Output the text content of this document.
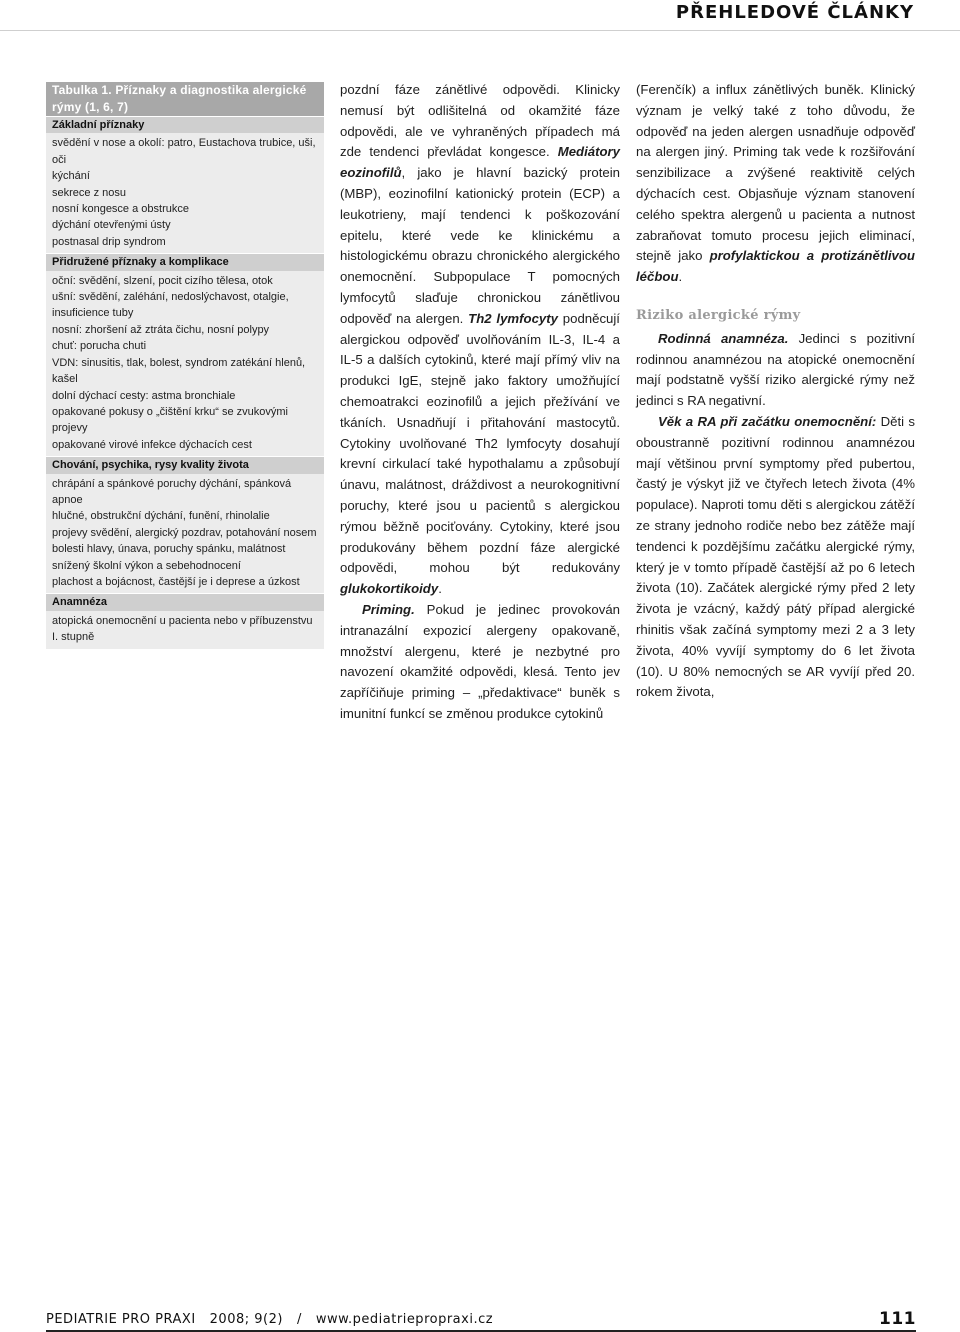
PŘEHLEDOVÉ ČLÁNKY
Tabulka 1. Příznaky a diagnostika alergické rýmy (1, 6, 7)
Základní příznaky
svědění v nose a okolí: patro, Eustachova trubice, uši, oči
kýchání
sekrece z nosu
nosní kongesce a obstrukce
dýchání otevřenými ústy
postnasal drip syndrom
Přidružené příznaky a komplikace
oční: svědění, slzení, pocit cizího tělesa, otok
ušní: svědění, zaléhání, nedoslýchavost, otalgie, insuficience tuby
nosní: zhoršení až ztráta čichu, nosní polypy
chuť: porucha chuti
VDN: sinusitis, tlak, bolest, syndrom zatékání hlenů, kašel
dolní dýchací cesty: astma bronchiale
opakované pokusy o „čištění krku“ se zvukovými projevy
opakované virové infekce dýchacích cest
Chování, psychika, rysy kvality života
chrápání a spánkové poruchy dýchání, spánková apnoe
hlučné, obstrukční dýchání, funění, rhinolalie
projevy svědění, alergický pozdrav, potahování nosem
bolesti hlavy, únava, poruchy spánku, malátnost
snížený školní výkon a sebehodnocení
plachost a bojácnost, častější je i deprese a úzkost
Anamnéza
atopická onemocnění u pacienta nebo v příbuzenstvu I. stupně

pozdní fáze zánětlivé odpovědi. Klinicky nemusí být odlišitelná od okamžité fáze odpovědi, ale ve vyhraněných případech má zde tendenci převládat kongesce. Mediátory eozinofilů, jako je hlavní bazický protein (MBP), eozinofilní kationický protein (ECP) a leukotrieny, mají tendenci k poškozování epitelu, které vede ke klinickému a histologickému obrazu chronického alergického onemocnění. Subpopulace T pomocných lymfocytů slaďuje chronickou zánětlivou odpověď na alergen. Th2 lymfocyty podněcují alergickou odpověď uvolňováním IL-3, IL-4 a IL-5 a dalších cytokinů, které mají přímý vliv na produkci IgE, stejně jako faktory umožňující chemoatrakci eozinofilů a jejich přežívání ve tkáních. Usnadňují i přitahování mastocytů. Cytokiny uvolňované Th2 lymfocyty dosahují krevní cirkulací také hypothalamu a způsobují únavu, malátnost, dráždivost a neurokognitivní poruchy, které jsou u pacientů s alergickou rýmou běžně pociťovány. Cytokiny, které jsou produkovány během pozdní fáze alergické odpovědi, mohou být redukovány glukokortikoidy.

Priming. Pokud je jedinec provokován intranazální expozicí alergeny opakovaně, množství alergenu, které je nezbytné pro navození okamžité odpovědi, klesá. Tento jev zapříčiňuje priming – „předaktivace“ buněk s imunitní funkcí se změnou produkce cytokinů

(Ferenčík) a influx zánětlivých buněk. Klinický význam je velký také z toho důvodu, že odpověď na jeden alergen usnadňuje odpověď na alergen jiný. Priming tak vede k rozšiřování senzibilizace a zvýšené reaktivitě celých dýchacích cest. Objasňuje význam stanovení celého spektra alergenů u pacienta a nutnost zabraňovat tomuto procesu jejich eliminací, stejně jako profylaktickou a protizánětlivou léčbou.

Riziko alergické rýmy

Rodinná anamnéza. Jedinci s pozitivní rodinnou anamnézou na atopické onemocnění mají podstatně vyšší riziko alergické rýmy než jedinci s RA negativní.

Věk a RA při začátku onemocnění: Děti s oboustranně pozitivní rodinnou anamnézou mají většinou první symptomy před pubertou, častý je výskyt již ve čtyřech letech života (4% populace). Naproti tomu děti s alergickou zátěží ze strany jednoho rodiče nebo bez zátěže mají tendenci k pozdějšímu začátku alergické rýmy, který je v tomto případě častější až po 6 letech života (10). Začátek alergické rýmy před 2 lety života je vzácný, každý pátý případ alergické rhinitis však začíná symptomy mezi 2 a 3 lety života, 40% vyvíjí symptomy do 6 let života (10). U 80% nemocných se AR vyvíjí před 20. rokem života,

PEDIATRIE PRO PRAXI 2008; 9(2) / www.pediatriepropraxi.cz	111
